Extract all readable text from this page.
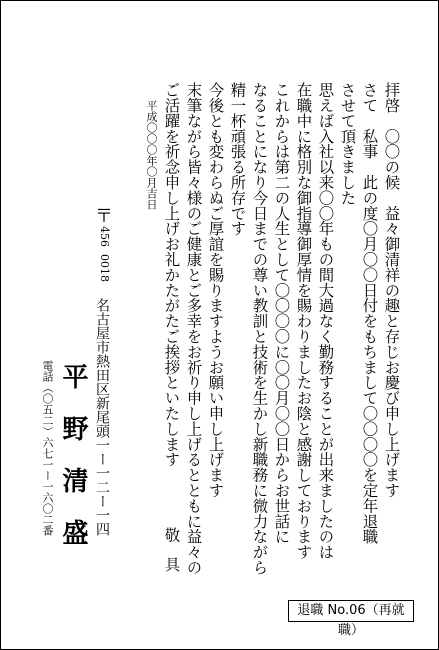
拝啓　〇〇の候　益々御清祥の趣と存じお慶び申し上げます
さて　私事　此の度〇月〇〇日付をもちまして〇〇〇〇を定年退職
させて頂きました
思えば入社以来〇〇年もの間大過なく勤務することが出来ましたのは
在職中に格別な御指導御厚情を賜わりましたお陰と感謝しております
これからは第二の人生として〇〇〇〇に〇〇月〇〇日からお世話に
なることになり今日までの尊い教訓と技術を生かし新職務に微力ながら
精一杯頑張る所存です
今後とも変わらぬご厚誼を賜りますようお願い申し上げます
末筆ながら皆々様のご健康とご多幸をお祈り申し上げるとともに益々の
ご活躍を祈念申し上げお礼かたがたご挨拶といたします
敬具
平成〇〇〇年〇月吉日
〒
456
0018
名古屋市熱田区新尾頭一ー一二ー一四
平　野　清　盛
電話（〇五二）六七一ー一六〇二番
退職 No.06（再就職）
